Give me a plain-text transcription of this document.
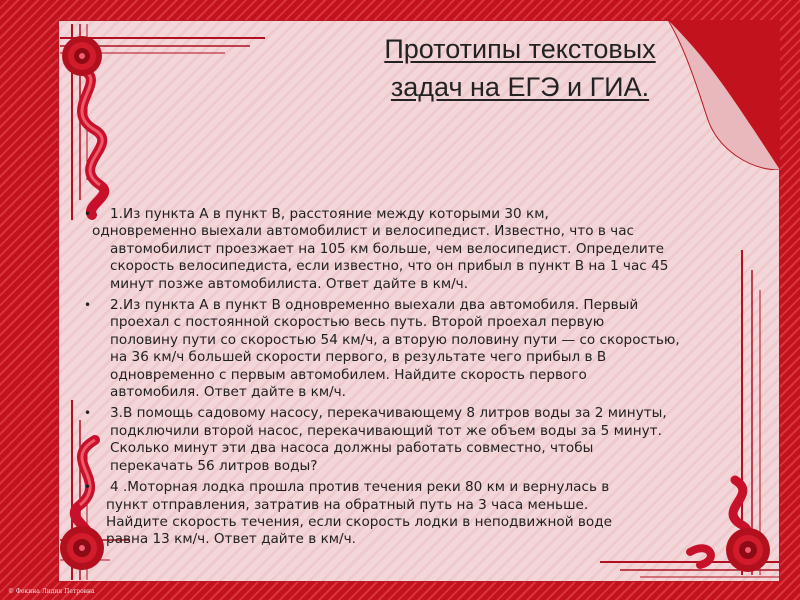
Прототипы текстовых
задач на ЕГЭ и ГИА.
• 1.Из пункта А в пункт В, расстояние между которыми 30 км,
одновременно выехали автомобилист и велосипедист. Известно, что в час
автомобилист проезжает на 105 км больше, чем велосипедист. Определите
скорость велосипедиста, если известно, что он прибыл в пункт В на 1 час 45
минут позже автомобилиста. Ответ дайте в км/ч.
• 2.Из пункта А в пункт В одновременно выехали два автомобиля. Первый
проехал с постоянной скоростью весь путь. Второй проехал первую
половину пути со скоростью 54 км/ч, а вторую половину пути — со скоростью,
на 36 км/ч большей скорости первого, в результате чего прибыл в В
одновременно с первым автомобилем. Найдите скорость первого
автомобиля. Ответ дайте в км/ч.
• 3.В помощь садовому насосу, перекачивающему 8 литров воды за 2 минуты,
подключили второй насос, перекачивающий тот же объем воды за 5 минут.
Сколько минут эти два насоса должны работать совместно, чтобы
перекачать 56 литров воды?
• 4 .Моторная лодка прошла против течения реки 80 км и вернулась в
пункт отправления, затратив на обратный путь на 3 часа меньше.
Найдите скорость течения, если скорость лодки в неподвижной воде
равна 13 км/ч. Ответ дайте в км/ч.
© Фокина Лидия Петровна
